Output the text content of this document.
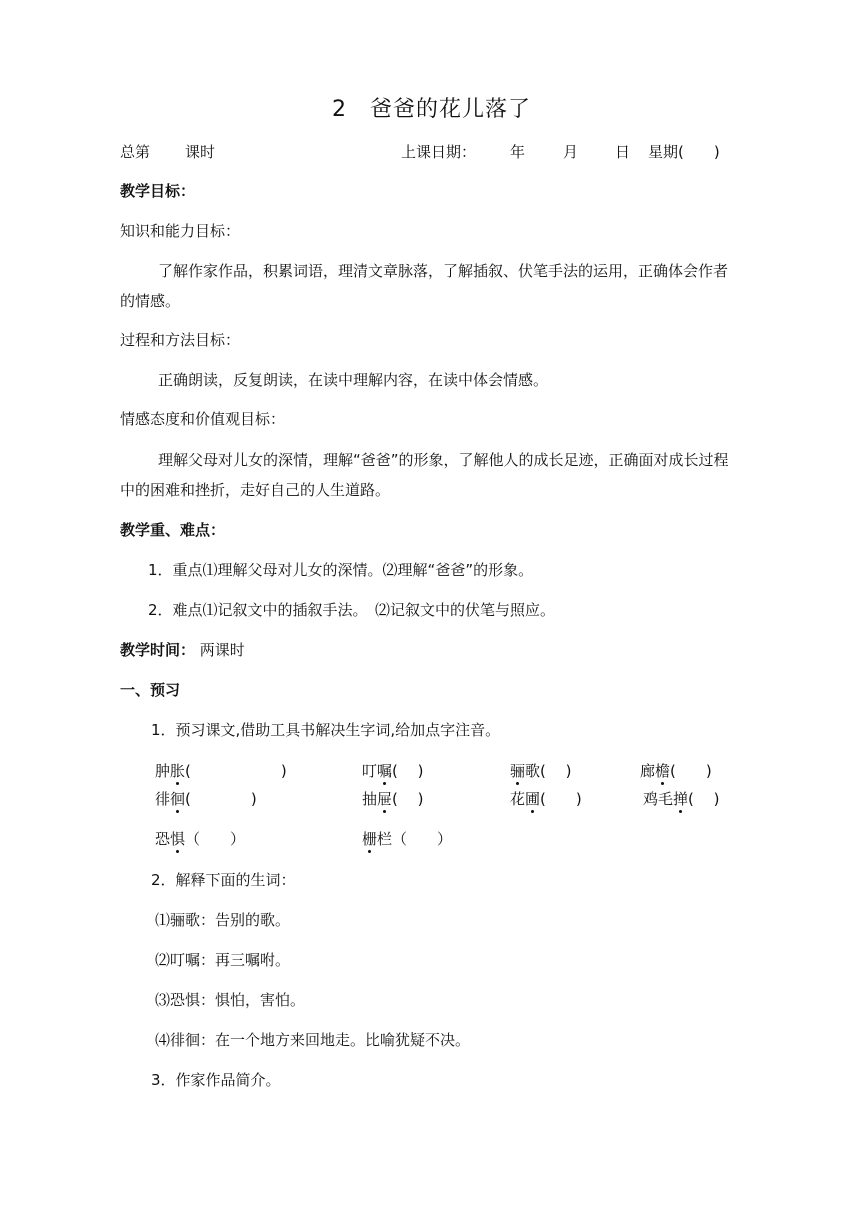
2　爸爸的花儿落了
总第 课时	上课日期： 年	月 日 星期(　　)
教学目标：
知识和能力目标：
了解作家作品，积累词语，理清文章脉落，了解插叙、伏笔手法的运用，正确体会作者的情感。
过程和方法目标：
正确朗读，反复朗读，在读中理解内容，在读中体会情感。
情感态度和价值观目标：
理解父母对儿女的深情，理解“爸爸”的形象，了解他人的成长足迹，正确面对成长过程中的困难和挫折，走好自己的人生道路。
教学重、难点：
1．重点⑴理解父母对儿女的深情。⑵理解“爸爸”的形象。
2．难点⑴记叙文中的插叙手法。　⑵记叙文中的伏笔与照应。
教学时间： 两课时
一、预习
1．预习课文,借助工具书解决生字词,给加点字注音。
肿胀(　　　　　　)	叮嘱(　 )	骊歌(　 )	廊檐(　　)
徘徊(　　　　)	抽屉(　 )	花圃(　　)	鸡毛掸(　 )
恐惧（　　）	栅栏（　　）
2．解释下面的生词：
⑴骊歌：告别的歌。
⑵叮嘱：再三嘱咐。
⑶恐惧：惧怕，害怕。
⑷徘徊：在一个地方来回地走。比喻犹疑不决。
3．作家作品简介。
